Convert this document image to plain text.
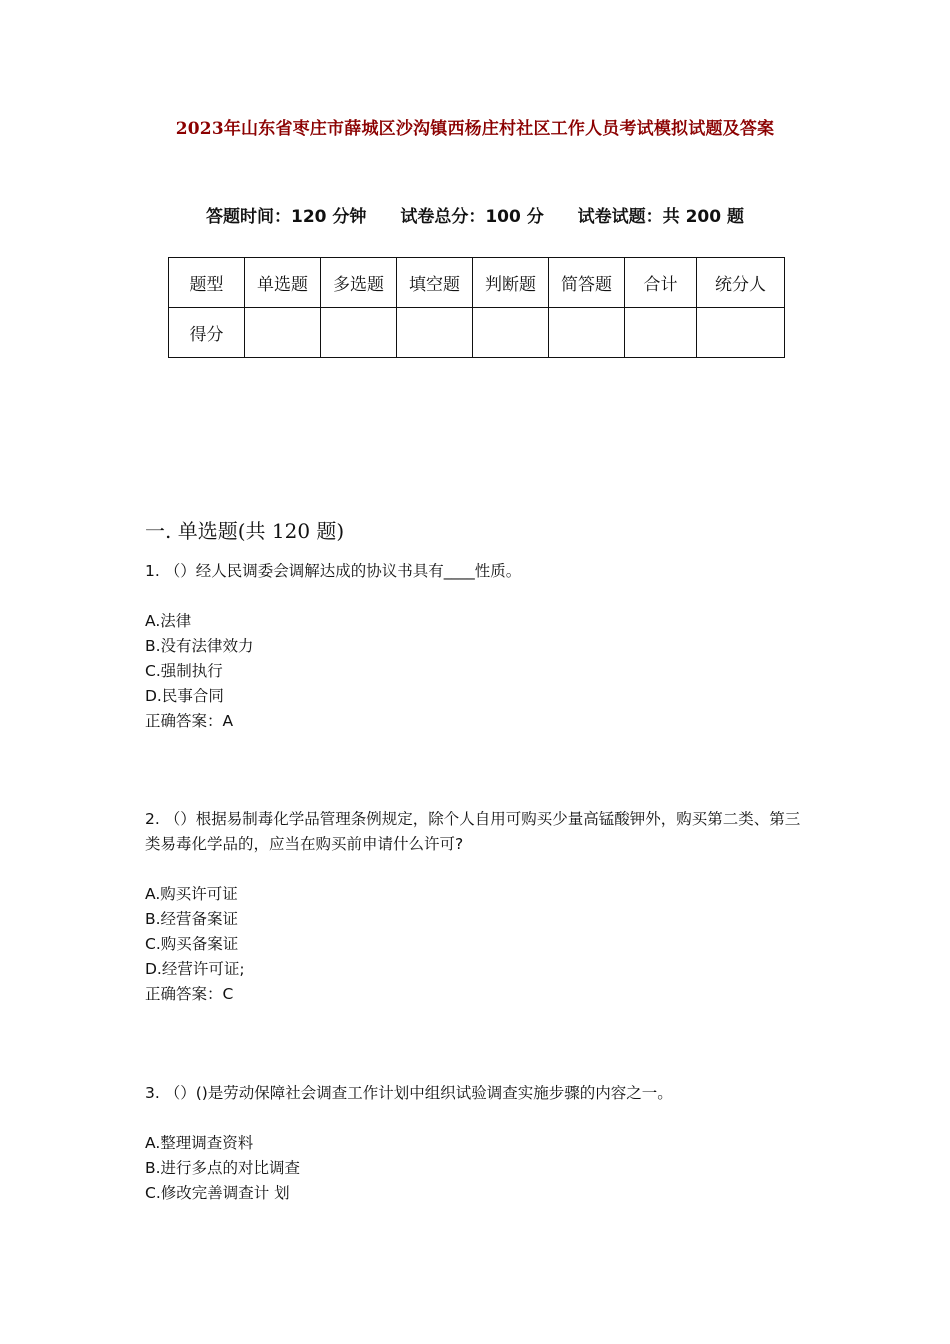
2023年山东省枣庄市薛城区沙沟镇西杨庄村社区工作人员考试模拟试题及答案
答题时间：120 分钟 试卷总分：100 分 试卷试题：共 200 题
题型	单选题	多选题	填空题	判断题	简答题	合计	统分人
得分							
一. 单选题(共 120 题)

1. （）经人民调委会调解达成的协议书具有____性质。

A.法律

B.没有法律效力

C.强制执行

D.民事合同

正确答案：A

2. （）根据易制毒化学品管理条例规定，除个人自用可购买少量高锰酸钾外，购买第二类、第三类易毒化学品的，应当在购买前申请什么许可?

A.购买许可证

B.经营备案证

C.购买备案证

D.经营许可证;

正确答案：C

3. （）()是劳动保障社会调查工作计划中组织试验调查实施步骤的内容之一。

A.整理调查资料

B.进行多点的对比调查

C.修改完善调查计 划
